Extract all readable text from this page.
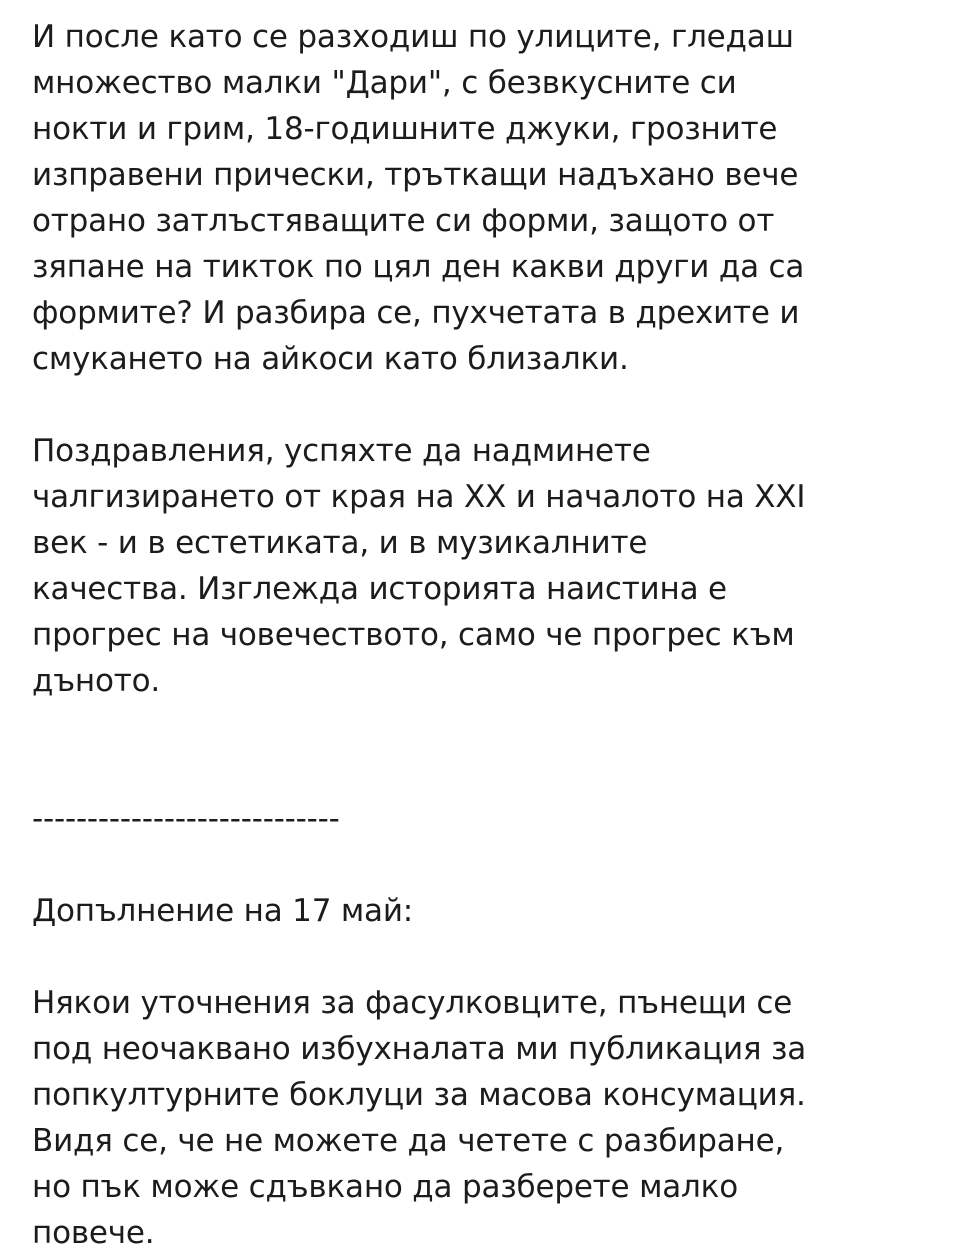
И после като се разходиш по улиците, гледаш
множество малки "Дари", с безвкусните си
нокти и грим, 18-годишните джуки, грозните
изправени прически, тръткащи надъхано вече
отрано затлъстяващите си форми, защото от
зяпане на тикток по цял ден какви други да са
формите? И разбира се, пухчетата в дрехите и
смукането на айкоси като близалки.

Поздравления, успяхте да надминете
чалгизирането от края на XX и началото на XXI
век - и в естетиката, и в музикалните
качества. Изглежда историята наистина е
прогрес на човечеството, само че прогрес към
дъното.

----------------------------

Допълнение на 17 май:

Някои уточнения за фасулковците, пънещи се
под неочаквано избухналата ми публикация за
попкултурните боклуци за масова консумация.
Видя се, че не можете да четете с разбиране,
но пък може сдъвкано да разберете малко
повече.
